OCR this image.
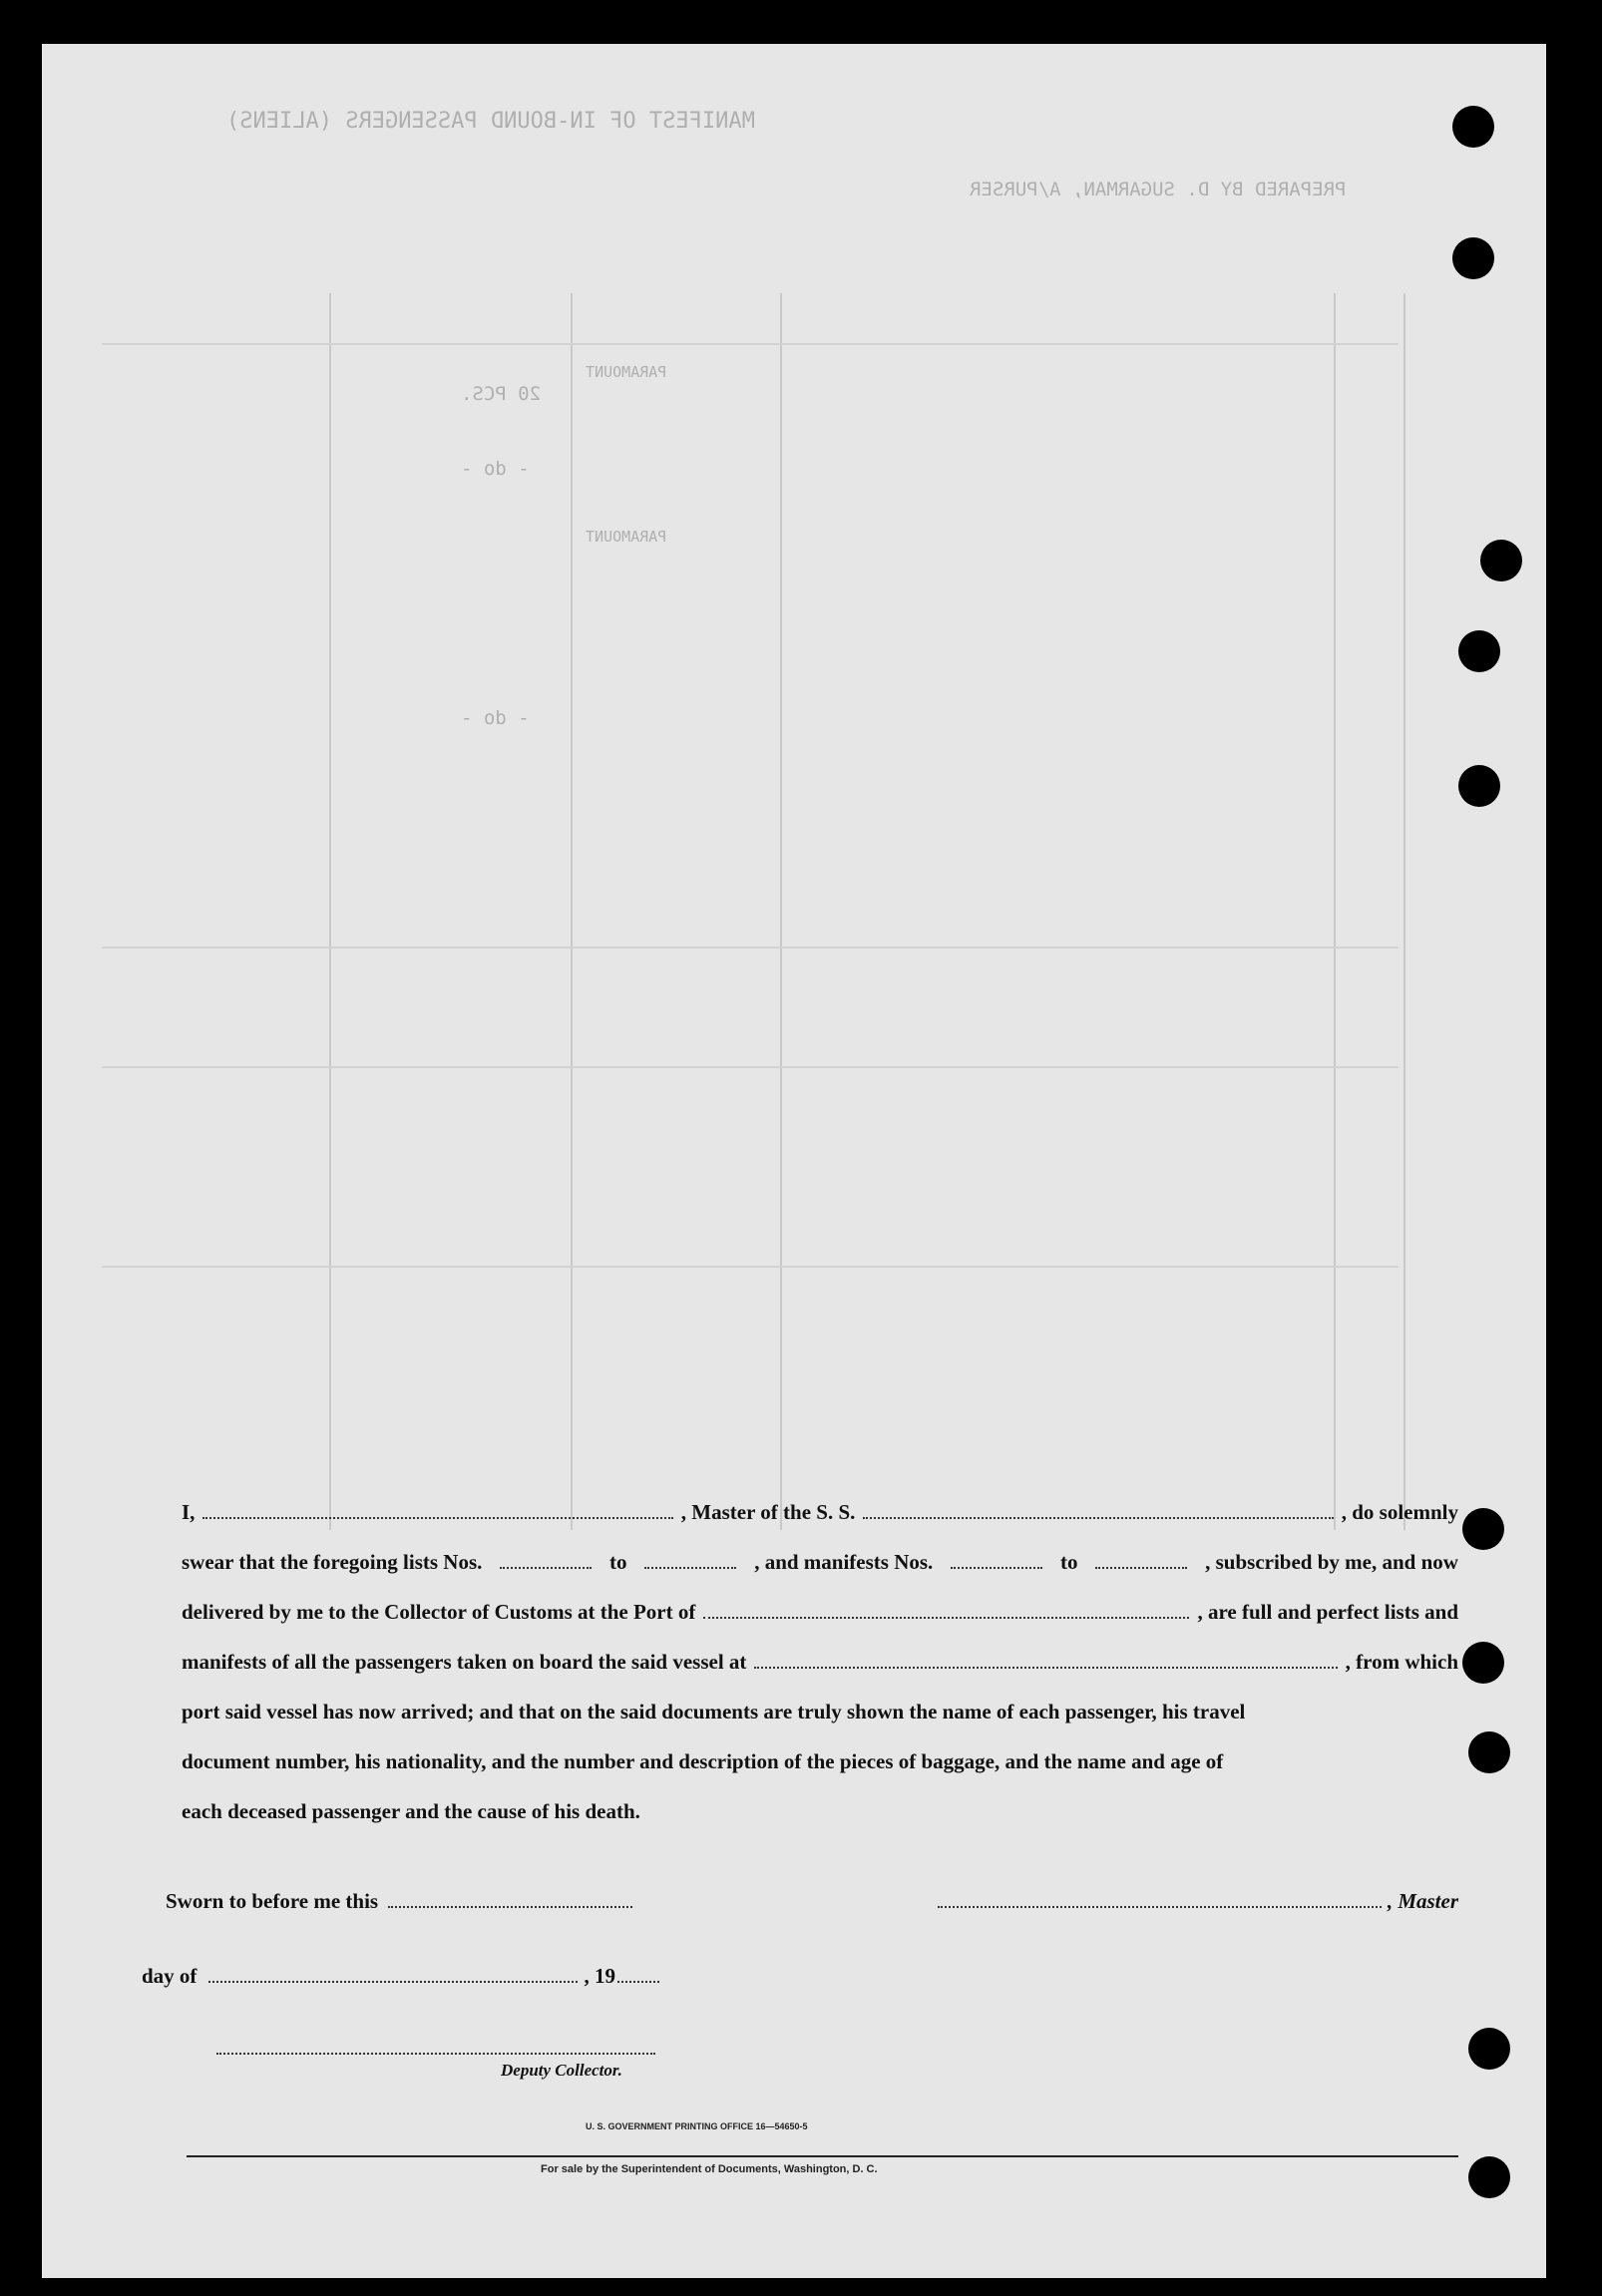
MANIFEST OF IN-BOUND PASSENGERS (ALIENS)
PREPARED BY D. SUGARMAN, A/PURSER
PARAMOUNT
20 PCS.
PARAMOUNT
- do -
- do -
I,	, Master of the S. S.	, do solemnly
swear that the foregoing lists Nos.	to	, and manifests Nos.	to	, subscribed by me, and now
delivered by me to the Collector of Customs at the Port of	, are full and perfect lists and
manifests of all the passengers taken on board the said vessel at	, from which
port said vessel has now arrived; and that on the said documents are truly shown the name of each passenger, his travel
document number, his nationality, and the number and description of the pieces of baggage, and the name and age of
each deceased passenger and the cause of his death.
Sworn to before me this	, Master
day of	, 19
Deputy Collector.
U. S. GOVERNMENT PRINTING OFFICE 16—54650-5
For sale by the Superintendent of Documents, Washington, D. C.
